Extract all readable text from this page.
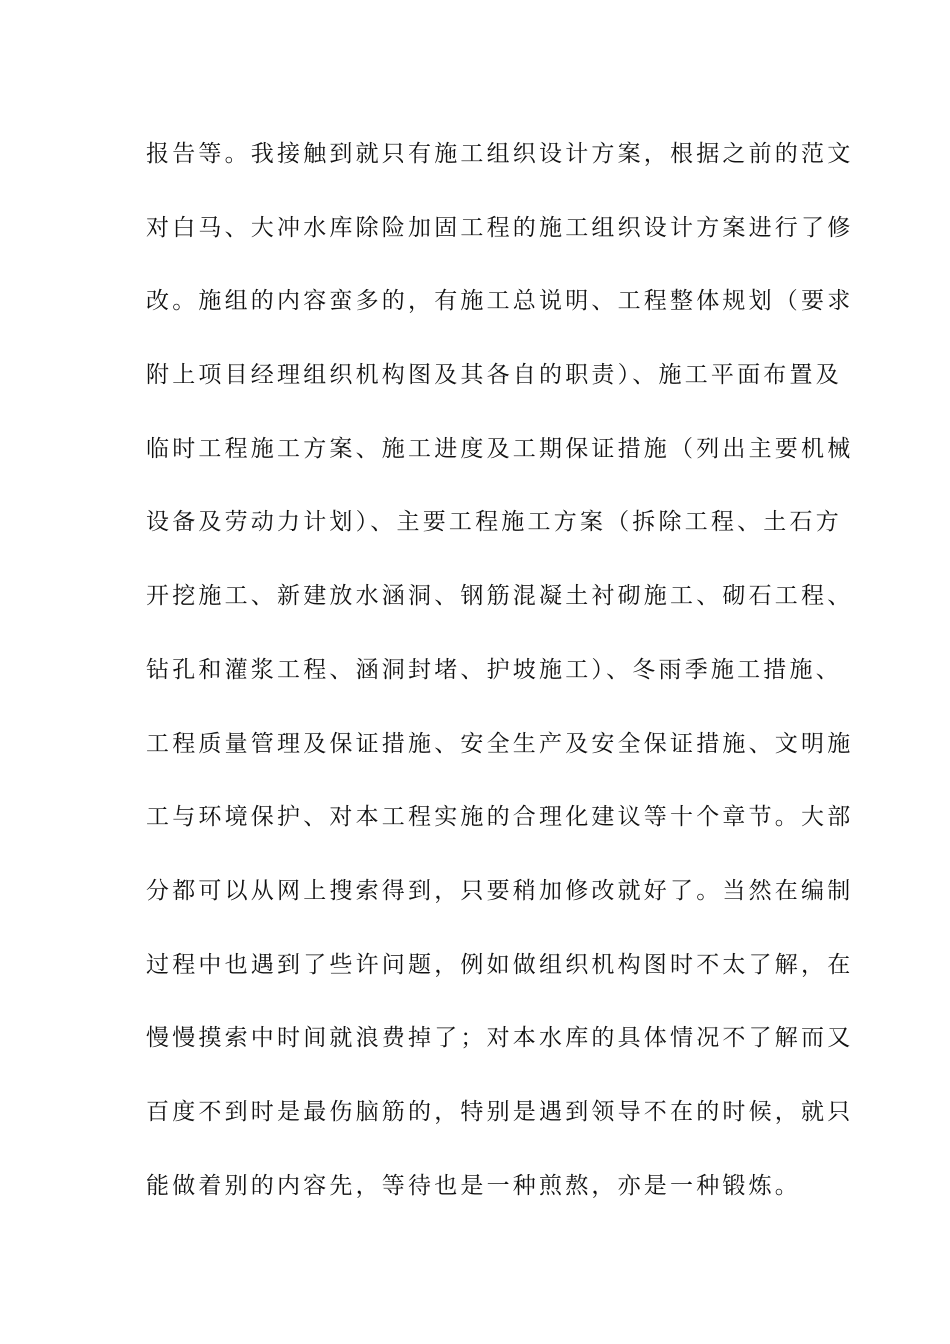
报告等。我接触到就只有施工组织设计方案，根据之前的范文
对白马、大冲水库除险加固工程的施工组织设计方案进行了修
改。施组的内容蛮多的，有施工总说明、工程整体规划（要求
附上项目经理组织机构图及其各自的职责）、施工平面布置及
临时工程施工方案、施工进度及工期保证措施（列出主要机械
设备及劳动力计划）、主要工程施工方案（拆除工程、土石方
开挖施工、新建放水涵洞、钢筋混凝土衬砌施工、砌石工程、
钻孔和灌浆工程、涵洞封堵、护坡施工）、冬雨季施工措施、
工程质量管理及保证措施、安全生产及安全保证措施、文明施
工与环境保护、对本工程实施的合理化建议等十个章节。大部
分都可以从网上搜索得到，只要稍加修改就好了。当然在编制
过程中也遇到了些许问题，例如做组织机构图时不太了解，在
慢慢摸索中时间就浪费掉了；对本水库的具体情况不了解而又
百度不到时是最伤脑筋的，特别是遇到领导不在的时候，就只
能做着别的内容先，等待也是一种煎熬，亦是一种锻炼。
